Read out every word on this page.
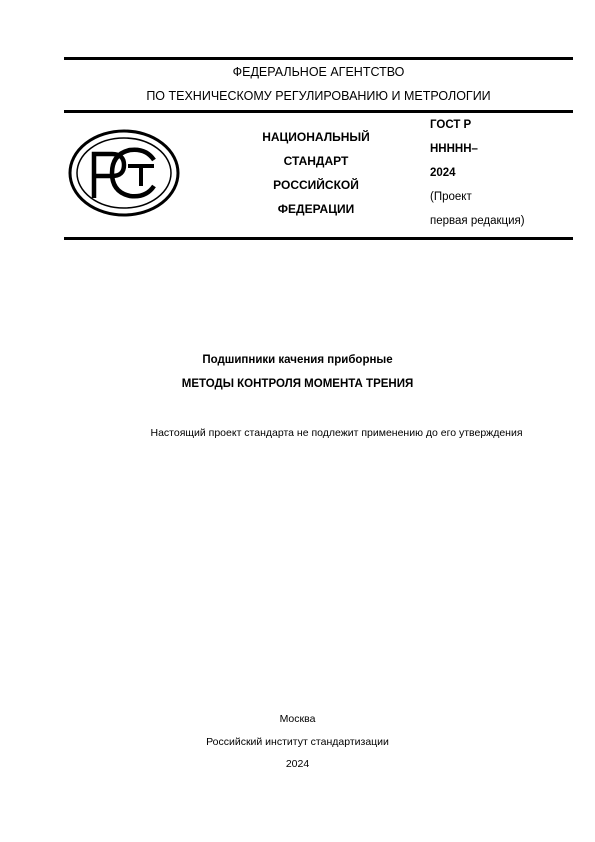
ФЕДЕРАЛЬНОЕ АГЕНТСТВО
ПО ТЕХНИЧЕСКОМУ РЕГУЛИРОВАНИЮ И МЕТРОЛОГИИ
НАЦИОНАЛЬНЫЙ
СТАНДАРТ
РОССИЙСКОЙ
ФЕДЕРАЦИИ
ГОСТ Р
ННННН–
2024
(Проект
первая редакция)
Подшипники качения приборные
МЕТОДЫ КОНТРОЛЯ МОМЕНТА ТРЕНИЯ
Настоящий проект стандарта не подлежит применению до его утверждения
Москва
Российский институт стандартизации
2024
